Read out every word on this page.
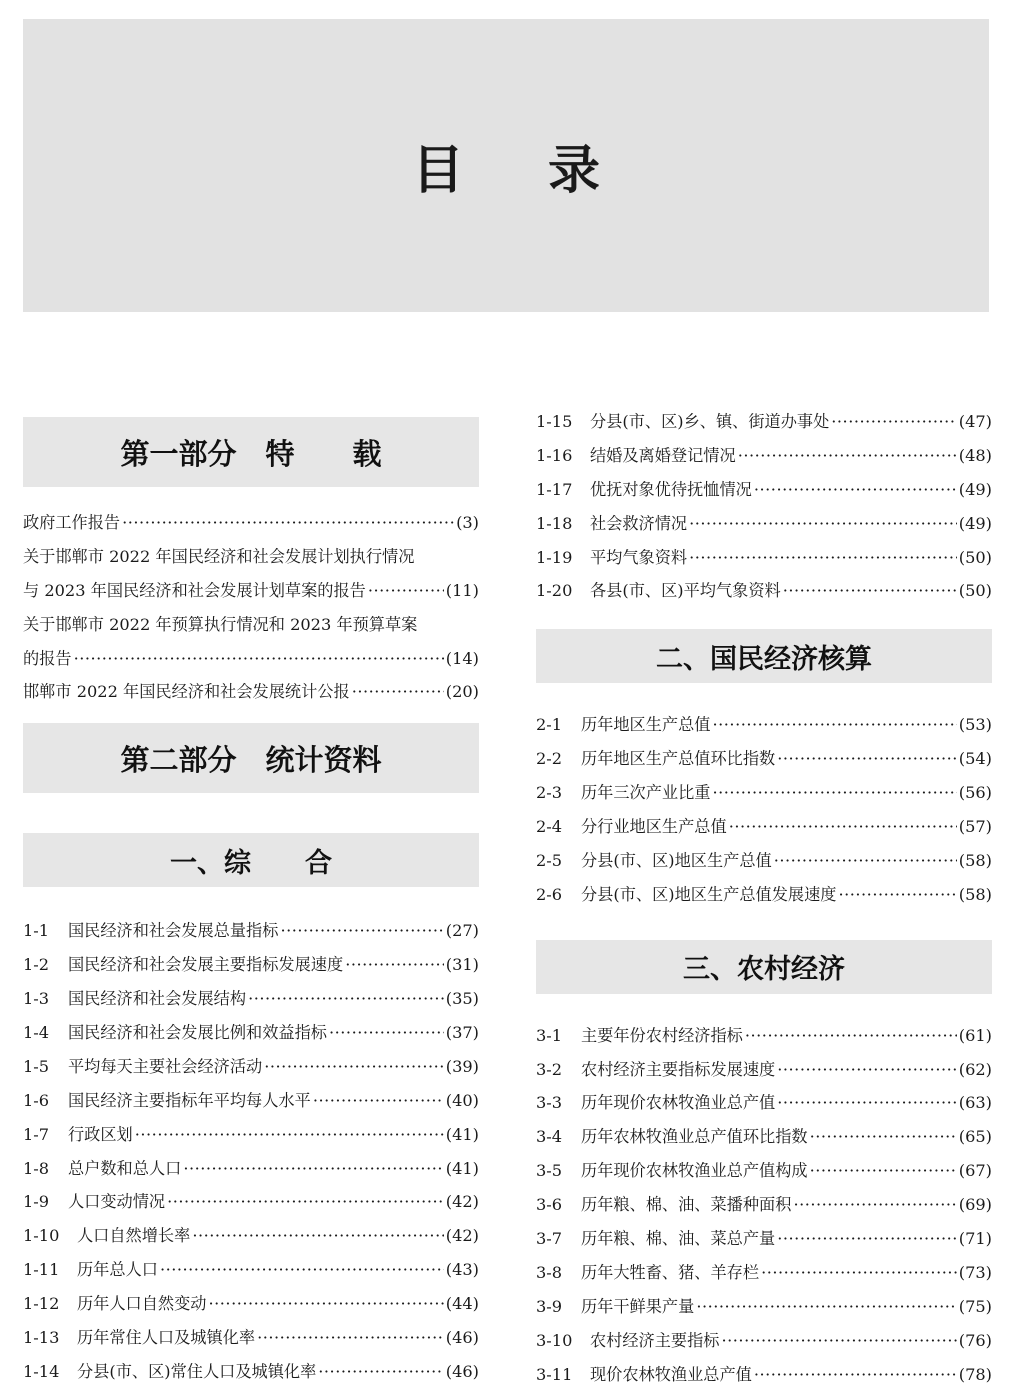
目录
第一部分　特　　载
政府工作报告 ·····	(3)
关于邯郸市 2022 年国民经济和社会发展计划执行情况
与 2023 年国民经济和社会发展计划草案的报告 ·····	(11)
关于邯郸市 2022 年预算执行情况和 2023 年预算草案
的报告 ·····	(14)
邯郸市 2022 年国民经济和社会发展统计公报 ·····	(20)
第二部分　统计资料
一、综　　合
1-1	国民经济和社会发展总量指标 ·····	(27)
1-2	国民经济和社会发展主要指标发展速度 ·····	(31)
1-3	国民经济和社会发展结构 ·····	(35)
1-4	国民经济和社会发展比例和效益指标 ·····	(37)
1-5	平均每天主要社会经济活动 ·····	(39)
1-6	国民经济主要指标年平均每人水平 ·····	(40)
1-7	行政区划 ·····	(41)
1-8	总户数和总人口 ·····	(41)
1-9	人口变动情况 ·····	(42)
1-10	人口自然增长率 ·····	(42)
1-11	历年总人口 ·····	(43)
1-12	历年人口自然变动 ·····	(44)
1-13	历年常住人口及城镇化率 ·····	(46)
1-14	分县(市、区)常住人口及城镇化率 ·····	(46)
1-15	分县(市、区)乡、镇、街道办事处 ·····	(47)
1-16	结婚及离婚登记情况 ·····	(48)
1-17	优抚对象优待抚恤情况 ·····	(49)
1-18	社会救济情况 ·····	(49)
1-19	平均气象资料 ·····	(50)
1-20	各县(市、区)平均气象资料 ·····	(50)
二、国民经济核算
2-1	历年地区生产总值 ·····	(53)
2-2	历年地区生产总值环比指数 ·····	(54)
2-3	历年三次产业比重 ·····	(56)
2-4	分行业地区生产总值 ·····	(57)
2-5	分县(市、区)地区生产总值 ·····	(58)
2-6	分县(市、区)地区生产总值发展速度 ·····	(58)
三、农村经济
3-1	主要年份农村经济指标 ·····	(61)
3-2	农村经济主要指标发展速度 ·····	(62)
3-3	历年现价农林牧渔业总产值 ·····	(63)
3-4	历年农林牧渔业总产值环比指数 ·····	(65)
3-5	历年现价农林牧渔业总产值构成 ·····	(67)
3-6	历年粮、棉、油、菜播种面积 ·····	(69)
3-7	历年粮、棉、油、菜总产量 ·····	(71)
3-8	历年大牲畜、猪、羊存栏 ·····	(73)
3-9	历年干鲜果产量 ·····	(75)
3-10	农村经济主要指标 ·····	(76)
3-11	现价农林牧渔业总产值 ·····	(78)
